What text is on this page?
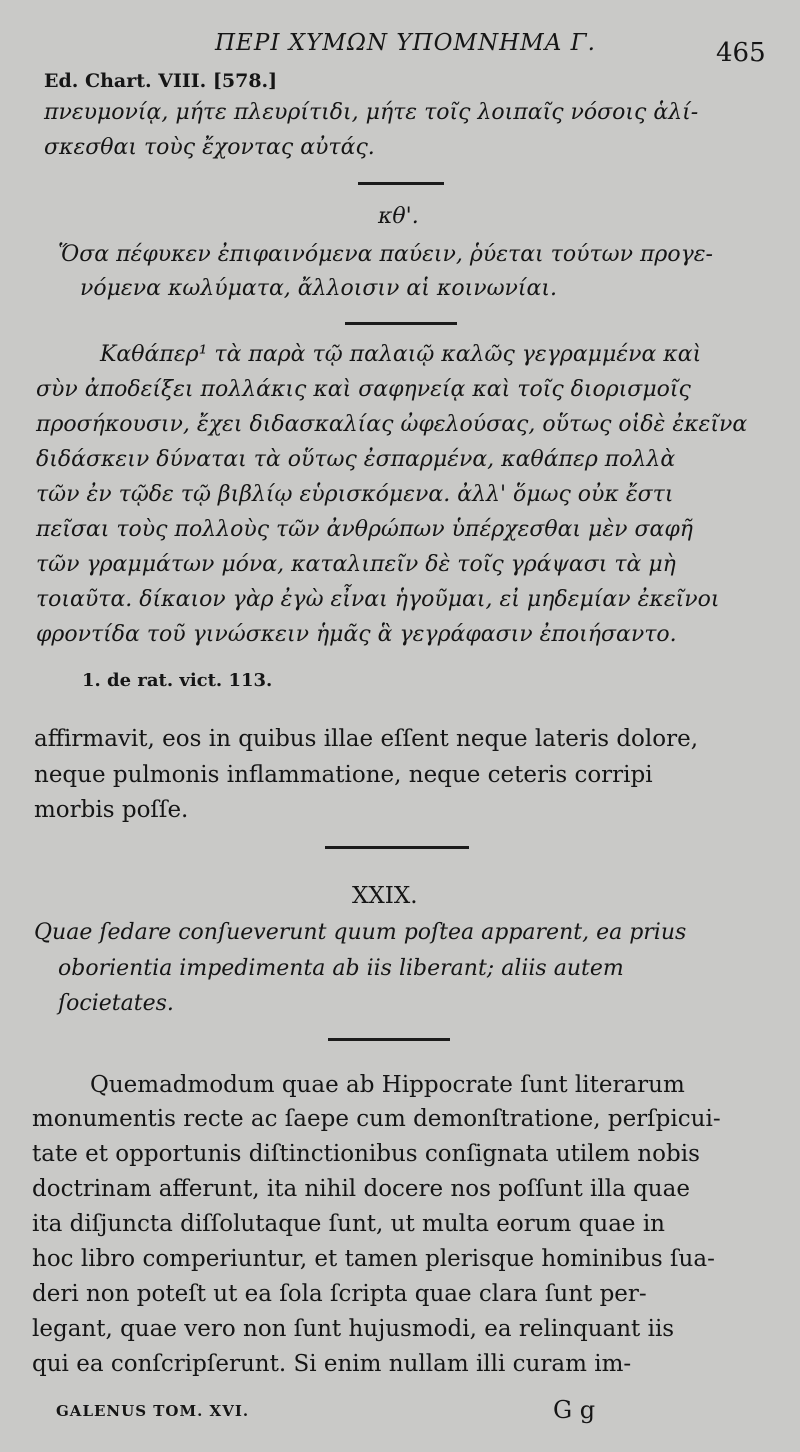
ΠΕΡΙ ΧΥΜΩΝ ΥΠΟΜΝΗΜΑ Γ.	465
Ed. Chart. VIII. [578.]
πνευμονίᾳ, μήτε πλευρίτιδι, μήτε τοῖς λοιπαῖς νόσοις ἁλί-
σκεσθαι τοὺς ἔχοντας αὐτάς.
κθ'.
Ὅσα πέφυκεν ἐπιφαινόμενα παύειν, ῥύεται τούτων προγε-
νόμενα κωλύματα, ἄλλοισιν αἱ κοινωνίαι.
Καθάπερ¹ τὰ παρὰ τῷ παλαιῷ καλῶς γεγραμμένα καὶ
σὺν ἀποδείξει πολλάκις καὶ σαφηνείᾳ καὶ τοῖς διορισμοῖς
προσήκουσιν, ἔχει διδασκαλίας ὠφελούσας, οὕτως οἱδὲ ἐκεῖνα
διδάσκειν δύναται τὰ οὕτως ἐσπαρμένα, καθάπερ πολλὰ
τῶν ἐν τῷδε τῷ βιβλίῳ εὑρισκόμενα. ἀλλ' ὅμως οὐκ ἔστι
πεῖσαι τοὺς πολλοὺς τῶν ἀνθρώπων ὑπέρχεσθαι μὲν σαφῆ
τῶν γραμμάτων μόνα, καταλιπεῖν δὲ τοῖς γράψασι τὰ μὴ
τοιαῦτα. δίκαιον γὰρ ἐγὼ εἶναι ἡγοῦμαι, εἰ μηδεμίαν ἐκεῖνοι
φροντίδα τοῦ γινώσκειν ἡμᾶς ἃ γεγράφασιν ἐποιήσαντο.
1. de rat. vict. 113.
affirmavit, eos in quibus illae eſſent neque lateris dolore,
neque pulmonis inflammatione, neque ceteris corripi
morbis poſſe.
XXIX.
Quae ſedare conſueverunt quum poſtea apparent, ea prius
oborientia impedimenta ab iis liberant; aliis autem
ſocietates.
Quemadmodum quae ab Hippocrate ſunt literarum
monumentis recte ac ſaepe cum demonſtratione, perſpicui-
tate et opportunis diſtinctionibus conſignata utilem nobis
doctrinam afferunt, ita nihil docere nos poſſunt illa quae
ita diſjuncta diſſolutaque ſunt, ut multa eorum quae in
hoc libro comperiuntur, et tamen plerisque hominibus ſua-
deri non poteſt ut ea ſola ſcripta quae clara ſunt per-
legant, quae vero non ſunt hujusmodi, ea relinquant iis
qui ea conſcripſerunt. Si enim nullam illi curam im-
GALENUS TOM. XVI.	G g
